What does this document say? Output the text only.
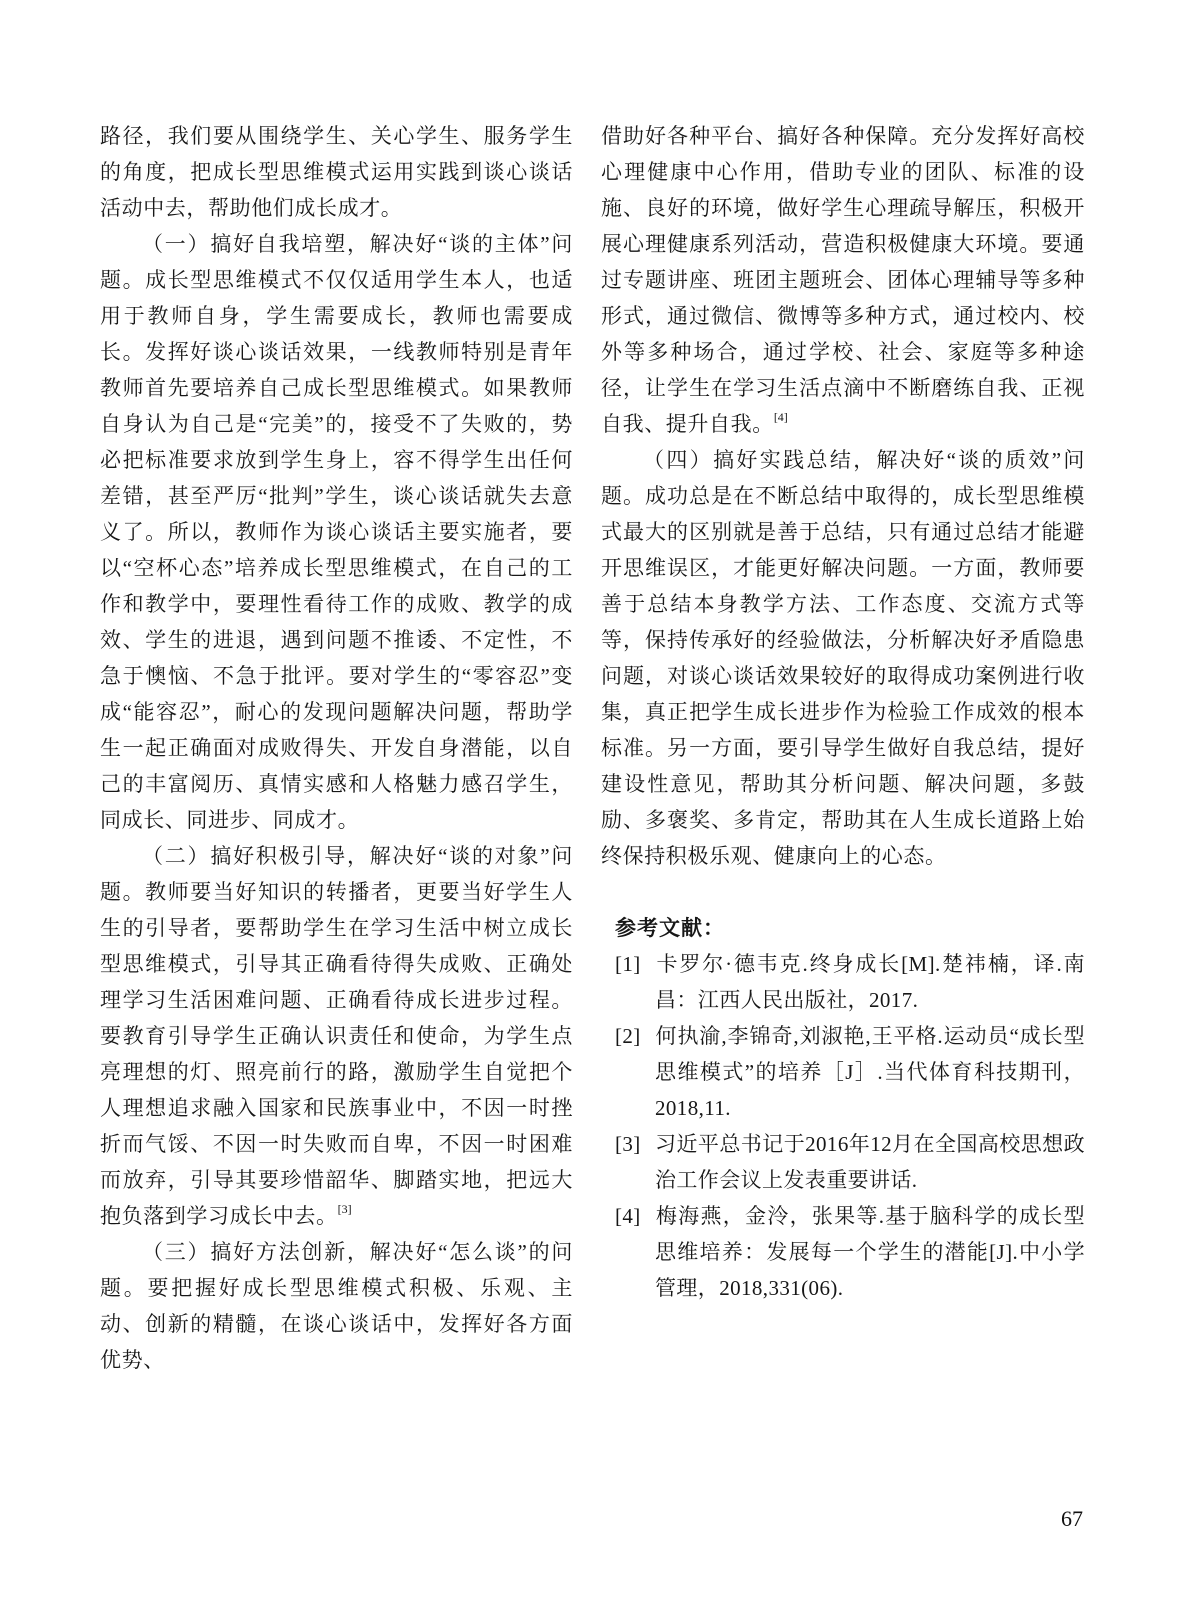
路径，我们要从围绕学生、关心学生、服务学生的角度，把成长型思维模式运用实践到谈心谈话活动中去，帮助他们成长成才。

（一）搞好自我培塑，解决好“谈的主体”问题。成长型思维模式不仅仅适用学生本人，也适用于教师自身，学生需要成长，教师也需要成长。发挥好谈心谈话效果，一线教师特别是青年教师首先要培养自己成长型思维模式。如果教师自身认为自己是“完美”的，接受不了失败的，势必把标准要求放到学生身上，容不得学生出任何差错，甚至严厉“批判”学生，谈心谈话就失去意义了。所以，教师作为谈心谈话主要实施者，要以“空杯心态”培养成长型思维模式，在自己的工作和教学中，要理性看待工作的成败、教学的成效、学生的进退，遇到问题不推诿、不定性，不急于懊恼、不急于批评。要对学生的“零容忍”变成“能容忍”，耐心的发现问题解决问题，帮助学生一起正确面对成败得失、开发自身潜能，以自己的丰富阅历、真情实感和人格魅力感召学生，同成长、同进步、同成才。

（二）搞好积极引导，解决好“谈的对象”问题。教师要当好知识的转播者，更要当好学生人生的引导者，要帮助学生在学习生活中树立成长型思维模式，引导其正确看待得失成败、正确处理学习生活困难问题、正确看待成长进步过程。要教育引导学生正确认识责任和使命，为学生点亮理想的灯、照亮前行的路，激励学生自觉把个人理想追求融入国家和民族事业中，不因一时挫折而气馁、不因一时失败而自卑，不因一时困难而放弃，引导其要珍惜韶华、脚踏实地，把远大抱负落到学习成长中去。[3]

（三）搞好方法创新，解决好“怎么谈”的问题。要把握好成长型思维模式积极、乐观、主动、创新的精髓，在谈心谈话中，发挥好各方面优势、

借助好各种平台、搞好各种保障。充分发挥好高校心理健康中心作用，借助专业的团队、标准的设施、良好的环境，做好学生心理疏导解压，积极开展心理健康系列活动，营造积极健康大环境。要通过专题讲座、班团主题班会、团体心理辅导等多种形式，通过微信、微博等多种方式，通过校内、校外等多种场合，通过学校、社会、家庭等多种途径，让学生在学习生活点滴中不断磨练自我、正视自我、提升自我。[4]

（四）搞好实践总结，解决好“谈的质效”问题。成功总是在不断总结中取得的，成长型思维模式最大的区别就是善于总结，只有通过总结才能避开思维误区，才能更好解决问题。一方面，教师要善于总结本身教学方法、工作态度、交流方式等等，保持传承好的经验做法，分析解决好矛盾隐患问题，对谈心谈话效果较好的取得成功案例进行收集，真正把学生成长进步作为检验工作成效的根本标准。另一方面，要引导学生做好自我总结，提好建设性意见，帮助其分析问题、解决问题，多鼓励、多褒奖、多肯定，帮助其在人生成长道路上始终保持积极乐观、健康向上的心态。

参考文献：
[1] 卡罗尔·德韦克.终身成长[M].楚祎楠，译.南昌：江西人民出版社，2017.
[2] 何执渝,李锦奇,刘淑艳,王平格.运动员“成长型思维模式”的培养［J］.当代体育科技期刊，2018,11.
[3] 习近平总书记于2016年12月在全国高校思想政治工作会议上发表重要讲话.
[4] 梅海燕，金泠，张果等.基于脑科学的成长型思维培养：发展每一个学生的潜能[J].中小学管理，2018,331(06).
67
